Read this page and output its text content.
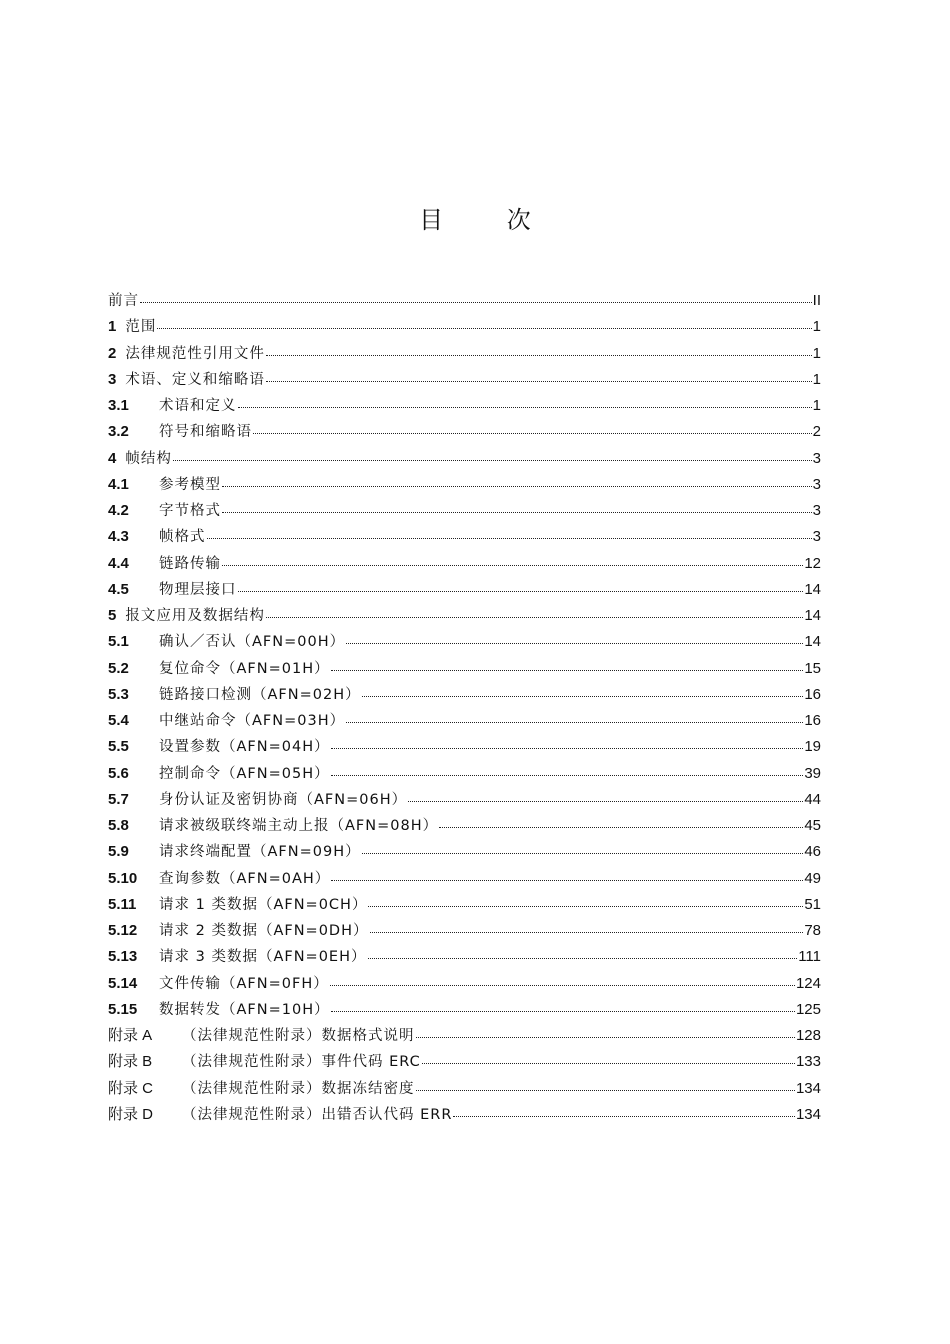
目 次
前言	II
1 范围	1
2 法律规范性引用文件	1
3 术语、定义和缩略语	1
3.1	术语和定义	1
3.2	符号和缩略语	2
4 帧结构	3
4.1	参考模型	3
4.2	字节格式	3
4.3	帧格式	3
4.4	链路传输	12
4.5	物理层接口	14
5 报文应用及数据结构	14
5.1	确认／否认（AFN=00H）	14
5.2	复位命令（AFN=01H）	15
5.3	链路接口检测（AFN=02H）	16
5.4	中继站命令（AFN=03H）	16
5.5	设置参数（AFN=04H）	19
5.6	控制命令（AFN=05H）	39
5.7	身份认证及密钥协商（AFN=06H）	44
5.8	请求被级联终端主动上报（AFN=08H）	45
5.9	请求终端配置（AFN=09H）	46
5.10	查询参数（AFN=0AH）	49
5.11	请求 1 类数据（AFN=0CH）	51
5.12	请求 2 类数据（AFN=0DH）	78
5.13	请求 3 类数据（AFN=0EH）	111
5.14	文件传输（AFN=0FH）	124
5.15	数据转发（AFN=10H）	125
附录 A	（法律规范性附录）数据格式说明	128
附录 B	（法律规范性附录）事件代码 ERC	133
附录 C	（法律规范性附录）数据冻结密度	134
附录 D	（法律规范性附录）出错否认代码 ERR	134
